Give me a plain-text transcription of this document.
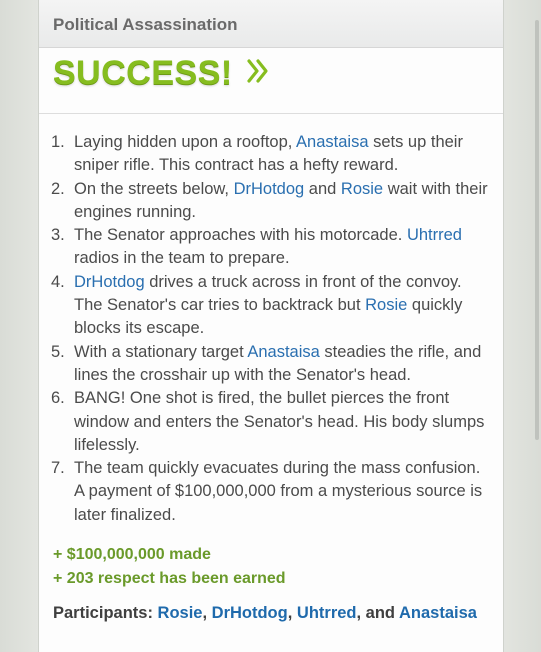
Political Assassination
SUCCESS!
1. Laying hidden upon a rooftop, Anastaisa sets up their sniper rifle. This contract has a hefty reward.
2. On the streets below, DrHotdog and Rosie wait with their engines running.
3. The Senator approaches with his motorcade. Uhtrred radios in the team to prepare.
4. DrHotdog drives a truck across in front of the convoy. The Senator's car tries to backtrack but Rosie quickly blocks its escape.
5. With a stationary target Anastaisa steadies the rifle, and lines the crosshair up with the Senator's head.
6. BANG! One shot is fired, the bullet pierces the front window and enters the Senator's head. His body slumps lifelessly.
7. The team quickly evacuates during the mass confusion. A payment of $100,000,000 from a mysterious source is later finalized.
+ $100,000,000 made
+ 203 respect has been earned
Participants: Rosie, DrHotdog, Uhtrred, and Anastaisa
